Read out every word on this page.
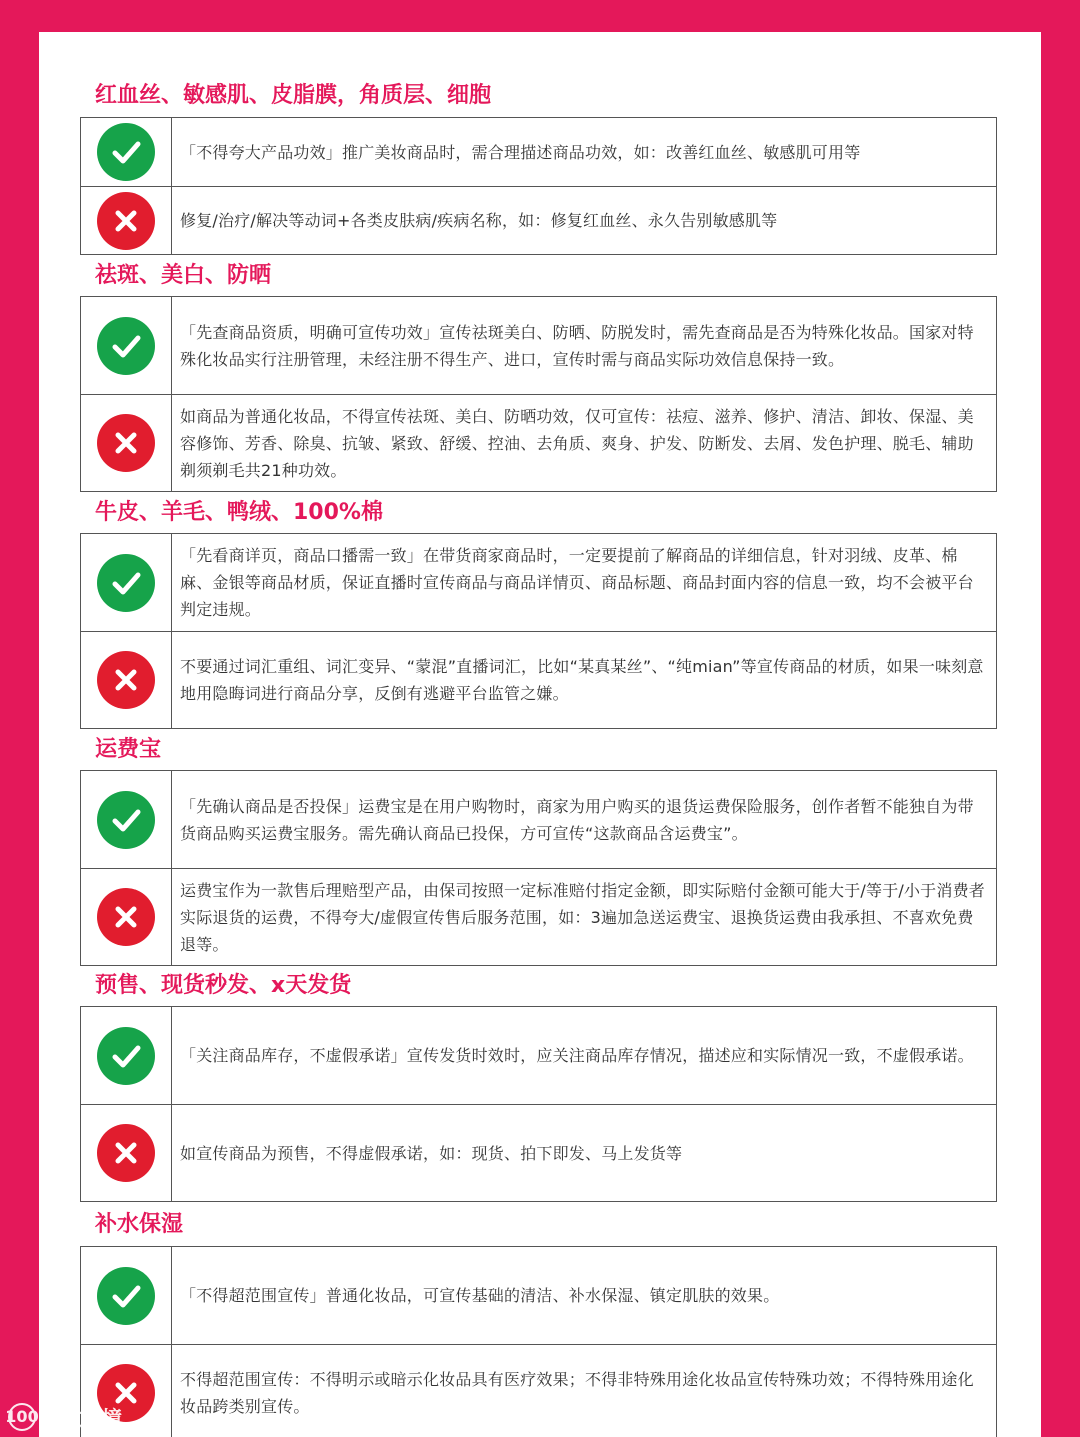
红血丝、敏感肌、皮脂膜，角质层、细胞

「不得夸大产品功效」推广美妆商品时，需合理描述商品功效，如：改善红血丝、敏感肌可用等

修复/治疗/解决等动词+各类皮肤病/疾病名称，如：修复红血丝、永久告别敏感肌等

祛斑、美白、防晒

「先查商品资质，明确可宣传功效」宣传祛斑美白、防晒、防脱发时，需先查商品是否为特殊化妆品。国家对特殊化妆品实行注册管理，未经注册不得生产、进口，宣传时需与商品实际功效信息保持一致。

如商品为普通化妆品，不得宣传祛斑、美白、防晒功效，仅可宣传：祛痘、滋养、修护、清洁、卸妆、保湿、美容修饰、芳香、除臭、抗皱、紧致、舒缓、控油、去角质、爽身、护发、防断发、去屑、发色护理、脱毛、辅助剃须剃毛共21种功效。

牛皮、羊毛、鸭绒、100%棉

「先看商详页，商品口播需一致」在带货商家商品时，一定要提前了解商品的详细信息，针对羽绒、皮革、棉麻、金银等商品材质，保证直播时宣传商品与商品详情页、商品标题、商品封面内容的信息一致，均不会被平台判定违规。

不要通过词汇重组、词汇变异、“蒙混”直播词汇，比如“某真某丝”、“纯mian”等宣传商品的材质，如果一味刻意地用隐晦词进行商品分享，反倒有逃避平台监管之嫌。

运费宝

「先确认商品是否投保」运费宝是在用户购物时，商家为用户购买的退货运费保险服务，创作者暂不能独自为带货商品购买运费宝服务。需先确认商品已投保，方可宣传“这款商品含运费宝”。

运费宝作为一款售后理赔型产品，由保司按照一定标准赔付指定金额，即实际赔付金额可能大于/等于/小于消费者实际退货的运费，不得夸大/虚假宣传售后服务范围，如：3遍加急送运费宝、退换货运费由我承担、不喜欢免费退等。

预售、现货秒发、x天发货

「关注商品库存，不虚假承诺」宣传发货时效时，应关注商品库存情况，描述应和实际情况一致，不虚假承诺。

如宣传商品为预售，不得虚假承诺，如：现货、拍下即发、马上发货等

补水保湿

「不得超范围宣传」普通化妆品，可宣传基础的清洁、补水保湿、镇定肌肤的效果。

不得超范围宣传：不得明示或暗示化妆品具有医疗效果；不得非特殊用途化妆品宣传特殊功效；不得特殊用途化妆品跨类别宣传。

100 大数跨境
